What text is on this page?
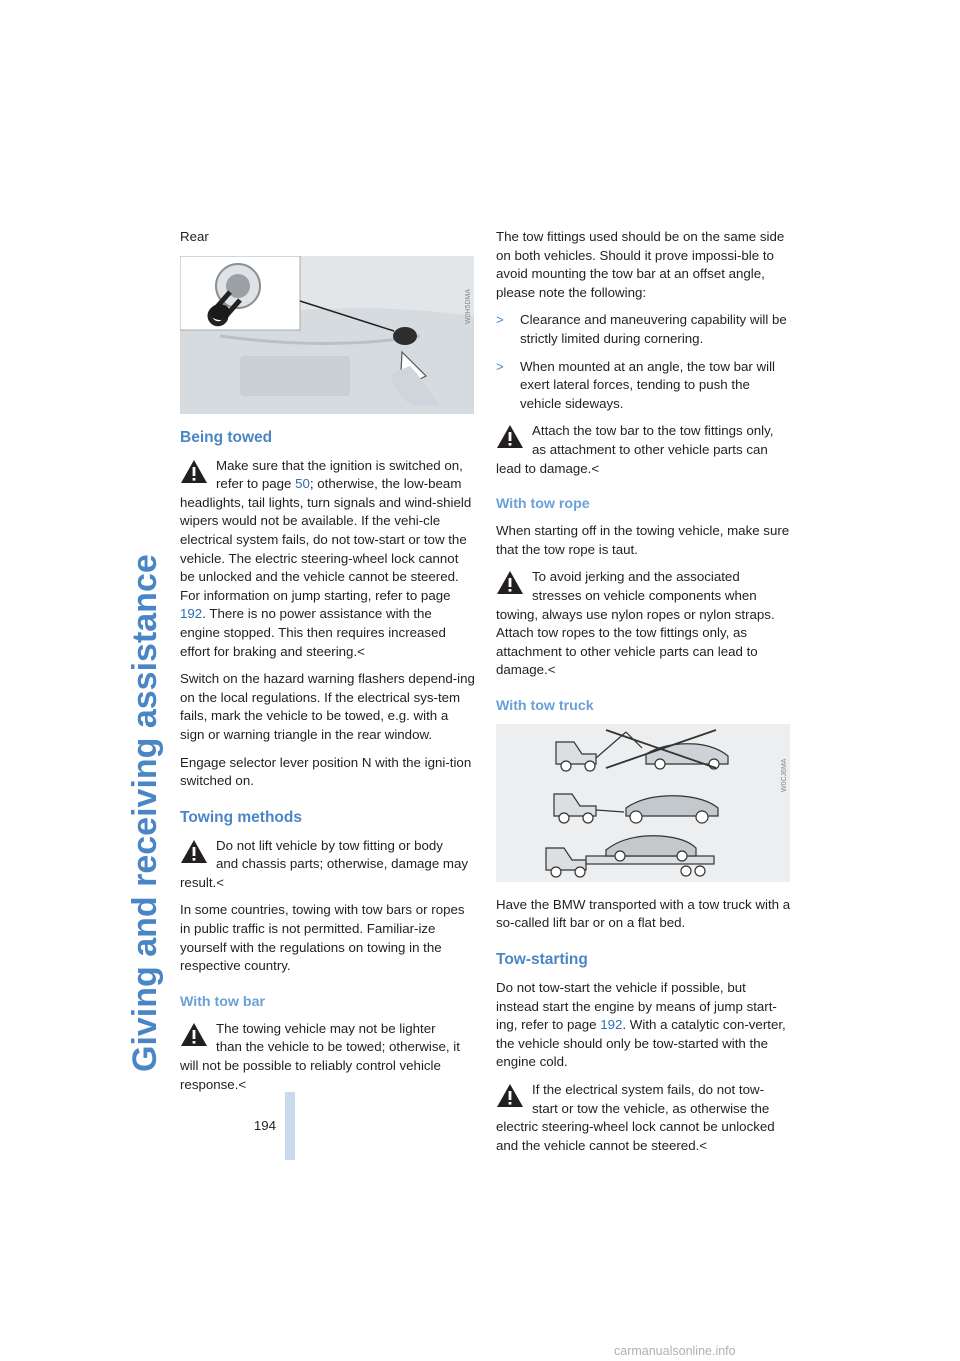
Giving and receiving assistance
194

Rear

W0H5DMA
Being towed
Make sure that the ignition is switched on,
refer to page 50; otherwise, the low-beam headlights, tail lights, turn signals and wind-shield wipers would not be available. If the vehi-cle electrical system fails, do not tow-start or tow the vehicle. The electric steering-wheel lock cannot be unlocked and the vehicle cannot be steered. For information on jump starting, refer to page 192. There is no power assistance with the engine stopped. This then requires increased effort for braking and steering.<

Switch on the hazard warning flashers depend-ing on the local regulations. If the electrical sys-tem fails, mark the vehicle to be towed, e.g. with a sign or warning triangle in the rear window.

Engage selector lever position N with the igni-tion switched on.

Towing methods
Do not lift vehicle by tow fitting or body
and chassis parts; otherwise, damage may result.<

In some countries, towing with tow bars or ropes in public traffic is not permitted. Familiar-ize yourself with the regulations on towing in the respective country.

With tow bar
The towing vehicle may not be lighter
than the vehicle to be towed; otherwise, it will not be possible to reliably control vehicle response.<

The tow fittings used should be on the same side on both vehicles. Should it prove impossi-ble to avoid mounting the tow bar at an offset angle, please note the following:

>	Clearance and maneuvering capability will be strictly limited during cornering.
>	When mounted at an angle, the tow bar will exert lateral forces, tending to push the vehicle sideways.
Attach the tow bar to the tow fittings only,
as attachment to other vehicle parts can lead to damage.<
With tow rope

When starting off in the towing vehicle, make sure that the tow rope is taut.

To avoid jerking and the associated
stresses on vehicle components when towing, always use nylon ropes or nylon straps. Attach tow ropes to the tow fittings only, as attachment to other vehicle parts can lead to damage.<
With tow truck
W0CJ6MA

Have the BMW transported with a tow truck with a so-called lift bar or on a flat bed.

Tow-starting

Do not tow-start the vehicle if possible, but instead start the engine by means of jump start-ing, refer to page 192. With a catalytic con-verter, the vehicle should only be tow-started with the engine cold.

If the electrical system fails, do not tow-
start or tow the vehicle, as otherwise the electric steering-wheel lock cannot be unlocked and the vehicle cannot be steered.<
carmanualsonline.info
